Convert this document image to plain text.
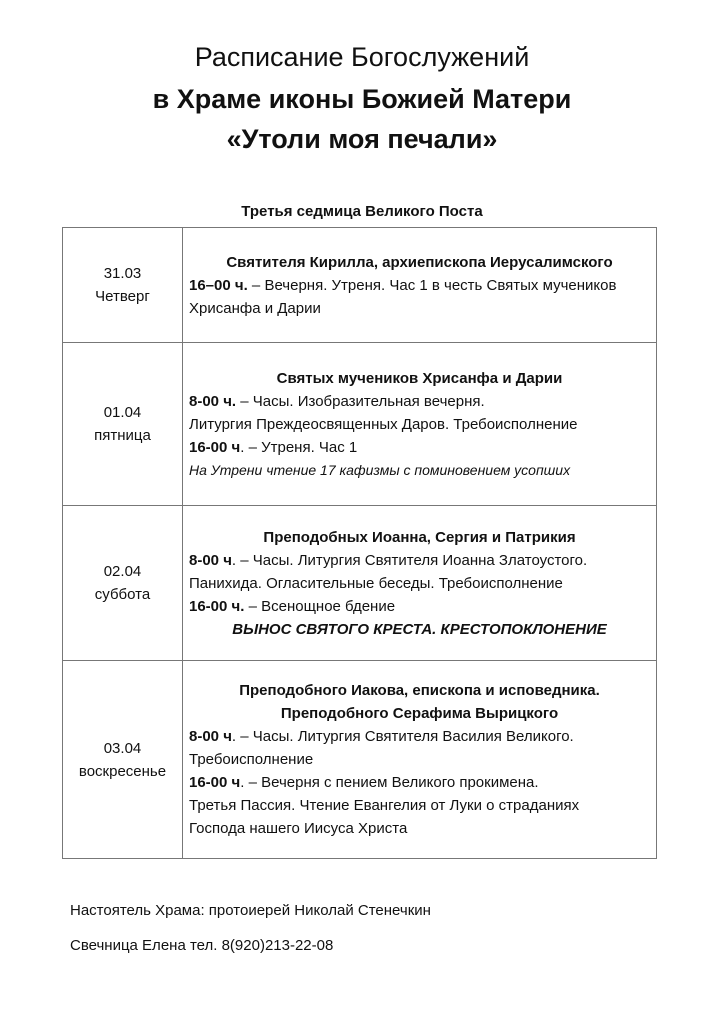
Расписание Богослужений
в Храме иконы Божией Матери
«Утоли моя печали»
Третья седмица Великого Поста
31.03
Четверг

Святителя Кирилла, архиепископа Иерусалимского
16–00 ч. – Вечерня. Утреня. Час 1 в честь Святых мучеников Хрисанфа и Дарии

01.04
пятница

Святых мучеников Хрисанфа и Дарии
8-00 ч. – Часы. Изобразительная вечерня.
Литургия Преждеосвященных Даров. Требоисполнение
16-00 ч. – Утреня. Час 1
На Утрени чтение 17 кафизмы с поминовением усопших

02.04
суббота

Преподобных Иоанна, Сергия и Патрикия
8-00 ч. – Часы. Литургия Святителя Иоанна Златоустого.
Панихида. Огласительные беседы. Требоисполнение
16-00 ч. – Всенощное бдение
ВЫНОС СВЯТОГО КРЕСТА. КРЕСТОПОКЛОНЕНИЕ

03.04
воскресенье

Преподобного Иакова, епископа и исповедника.
Преподобного Серафима Вырицкого
8-00 ч. – Часы. Литургия Святителя Василия Великого.
Требоисполнение
16-00 ч. – Вечерня с пением Великого прокимена.
Третья Пассия. Чтение Евангелия от Луки о страданиях
Господа нашего Иисуса Христа
Настоятель Храма: протоиерей Николай Стенечкин
Свечница Елена тел. 8(920)213-22-08
